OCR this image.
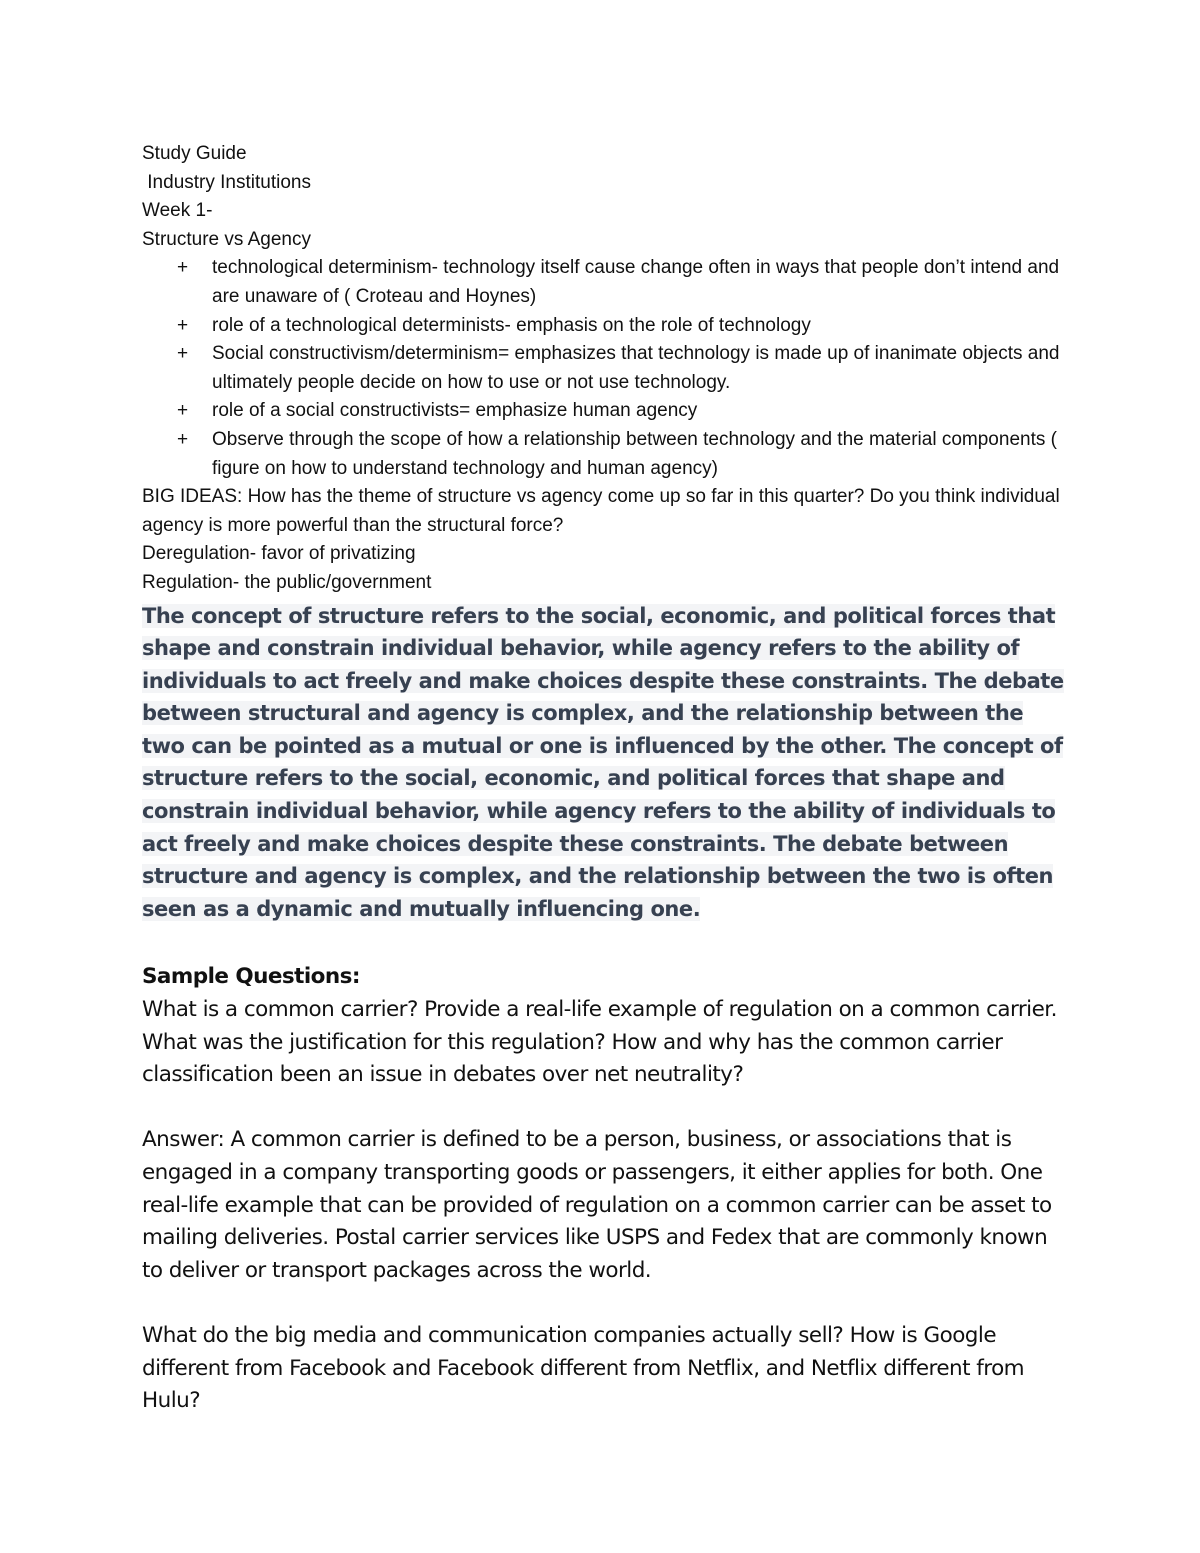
Study Guide
Industry Institutions
Week 1-
Structure vs Agency
+ technological determinism- technology itself cause change often in ways that people don’t intend and are unaware of ( Croteau and Hoynes)
+ role of a technological determinists- emphasis on the role of technology
+ Social constructivism/determinism= emphasizes that technology is made up of inanimate objects and ultimately people decide on how to use or not use technology.
+ role of a social constructivists= emphasize human agency
+ Observe through the scope of how a relationship between technology and the material components ( figure on how to understand technology and human agency)
BIG IDEAS: How has the theme of structure vs agency come up so far in this quarter? Do you think individual agency is more powerful than the structural force?
Deregulation- favor of privatizing
Regulation- the public/government
The concept of structure refers to the social, economic, and political forces that shape and constrain individual behavior, while agency refers to the ability of individuals to act freely and make choices despite these constraints. The debate between structural and agency is complex, and the relationship between the two can be pointed as a mutual or one is influenced by the other. The concept of structure refers to the social, economic, and political forces that shape and constrain individual behavior, while agency refers to the ability of individuals to act freely and make choices despite these constraints. The debate between structure and agency is complex, and the relationship between the two is often seen as a dynamic and mutually influencing one.
Sample Questions:

What is a common carrier? Provide a real-life example of regulation on a common carrier. What was the justification for this regulation? How and why has the common carrier classification been an issue in debates over net neutrality?

Answer: A common carrier is defined to be a person, business, or associations that is engaged in a company transporting goods or passengers, it either applies for both. One real-life example that can be provided of regulation on a common carrier can be asset to mailing deliveries. Postal carrier services like USPS and Fedex that are commonly known to deliver or transport packages across the world.

What do the big media and communication companies actually sell? How is Google different from Facebook and Facebook different from Netflix, and Netflix different from Hulu?
